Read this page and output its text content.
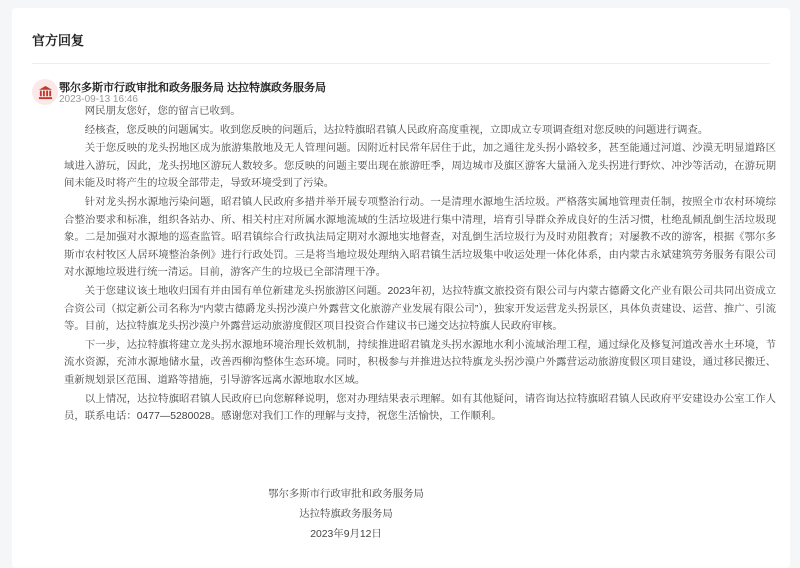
官方回复
鄂尔多斯市行政审批和政务服务局 达拉特旗政务服务局
2023-09-13 16:46

网民朋友您好，您的留言已收到。

经核查，您反映的问题属实。收到您反映的问题后，达拉特旗昭君镇人民政府高度重视，立即成立专项调查组对您反映的问题进行调查。

关于您反映的龙头拐地区成为旅游集散地及无人管理问题。因附近村民常年居住于此，加之通往龙头拐小路较多，甚至能通过河道、沙漠无明显道路区域进入游玩，因此，龙头拐地区游玩人数较多。您反映的问题主要出现在旅游旺季，周边城市及旗区游客大量涌入龙头拐进行野炊、冲沙等活动，在游玩期间未能及时将产生的垃圾全部带走，导致环境受到了污染。

针对龙头拐水源地污染问题，昭君镇人民政府多措并举开展专项整治行动。一是清理水源地生活垃圾。严格落实属地管理责任制，按照全市农村环境综合整治要求和标准，组织各站办、所、相关村庄对所属水源地流域的生活垃圾进行集中清理，培育引导群众养成良好的生活习惯，杜绝乱倾乱倒生活垃圾现象。二是加强对水源地的巡查监管。昭君镇综合行政执法局定期对水源地实地督查，对乱倒生活垃圾行为及时劝阻教育；对屡教不改的游客，根据《鄂尔多斯市农村牧区人居环境整治条例》进行行政处罚。三是将当地垃圾处理纳入昭君镇生活垃圾集中收运处理一体化体系，由内蒙古永斌建筑劳务服务有限公司对水源地垃圾进行统一清运。目前，游客产生的垃圾已全部清理干净。

关于您建议该土地收归国有并由国有单位新建龙头拐旅游区问题。2023年初，达拉特旗文旅投资有限公司与内蒙古德爵文化产业有限公司共同出资成立合资公司（拟定新公司名称为“内蒙古德爵龙头拐沙漠户外露营文化旅游产业发展有限公司”），独家开发运营龙头拐景区，具体负责建设、运营、推广、引流等。目前，达拉特旗龙头拐沙漠户外露营运动旅游度假区项目投资合作建议书已递交达拉特旗人民政府审核。

下一步，达拉特旗将建立龙头拐水源地环境治理长效机制，持续推进昭君镇龙头拐水源地水利小流域治理工程，通过绿化及修复河道改善水土环境，节流水资源，充沛水源地储水量，改善西柳沟整体生态环境。同时，积极参与并推进达拉特旗龙头拐沙漠户外露营运动旅游度假区项目建设，通过移民搬迁、重新规划景区范围、道路等措施，引导游客远离水源地取水区域。

以上情况，达拉特旗昭君镇人民政府已向您解释说明，您对办理结果表示理解。如有其他疑问，请咨询达拉特旗昭君镇人民政府平安建设办公室工作人员，联系电话：0477—5280028。感谢您对我们工作的理解与支持，祝您生活愉快，工作顺利。

鄂尔多斯市行政审批和政务服务局
达拉特旗政务服务局
2023年9月12日
